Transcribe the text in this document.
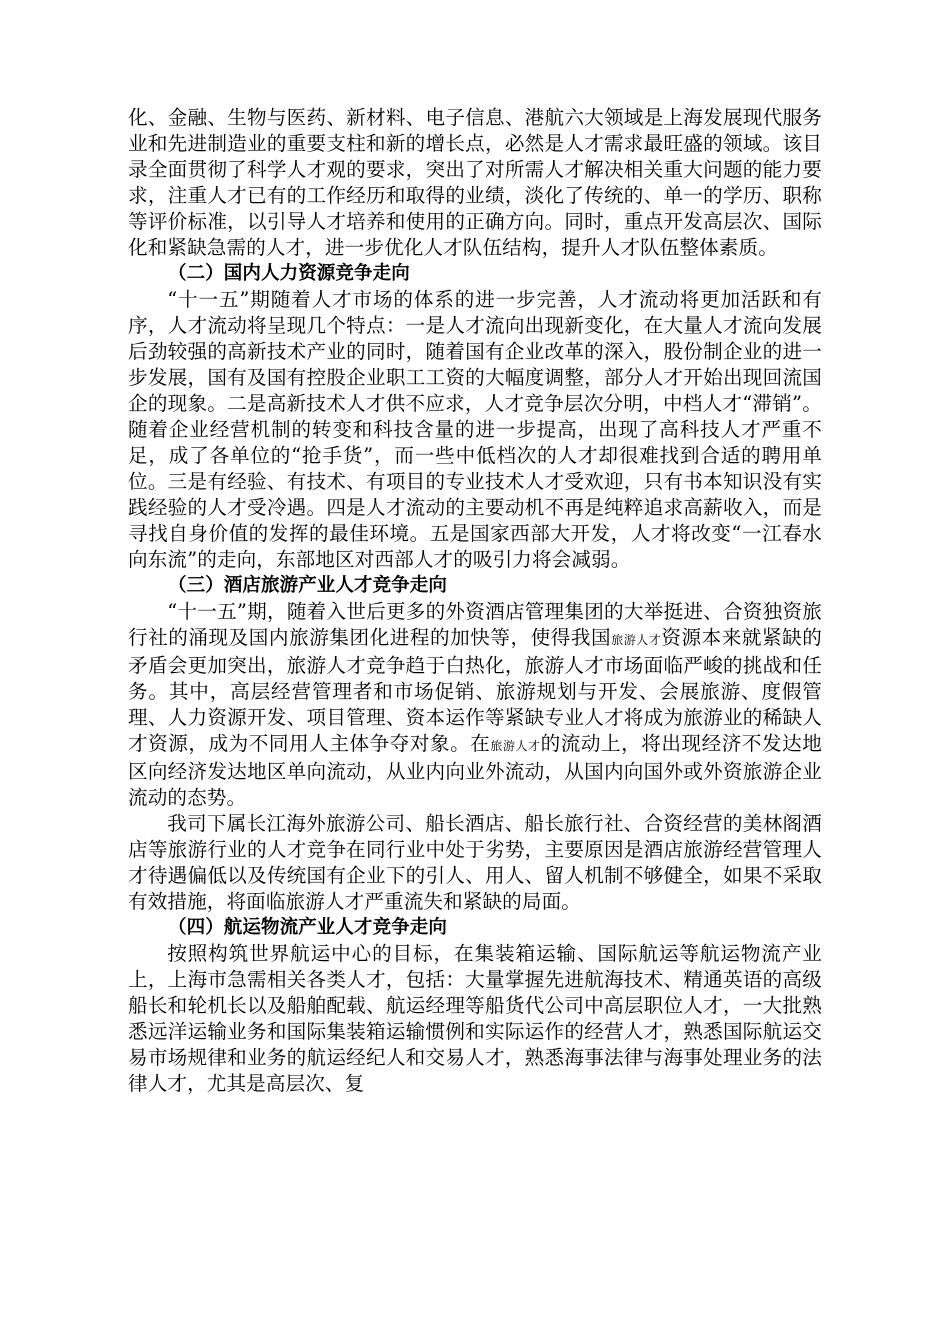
化、金融、生物与医药、新材料、电子信息、港航六大领域是上海发展现代服务业和先进制造业的重要支柱和新的增长点，必然是人才需求最旺盛的领域。该目录全面贯彻了科学人才观的要求，突出了对所需人才解决相关重大问题的能力要求，注重人才已有的工作经历和取得的业绩，淡化了传统的、单一的学历、职称等评价标准，以引导人才培养和使用的正确方向。同时，重点开发高层次、国际化和紧缺急需的人才，进一步优化人才队伍结构，提升人才队伍整体素质。

（二）国内人力资源竞争走向

“十一五”期随着人才市场的体系的进一步完善，人才流动将更加活跃和有序，人才流动将呈现几个特点：一是人才流向出现新变化，在大量人才流向发展后劲较强的高新技术产业的同时，随着国有企业改革的深入，股份制企业的进一步发展，国有及国有控股企业职工工资的大幅度调整，部分人才开始出现回流国企的现象。二是高新技术人才供不应求，人才竞争层次分明，中档人才“滞销”。随着企业经营机制的转变和科技含量的进一步提高，出现了高科技人才严重不足，成了各单位的“抢手货”，而一些中低档次的人才却很难找到合适的聘用单位。三是有经验、有技术、有项目的专业技术人才受欢迎，只有书本知识没有实践经验的人才受冷遇。四是人才流动的主要动机不再是纯粹追求高薪收入，而是寻找自身价值的发挥的最佳环境。五是国家西部大开发，人才将改变“一江春水向东流”的走向，东部地区对西部人才的吸引力将会减弱。

（三）酒店旅游产业人才竞争走向

“十一五”期，随着入世后更多的外资酒店管理集团的大举挺进、合资独资旅行社的涌现及国内旅游集团化进程的加快等，使得我国旅游人才资源本来就紧缺的矛盾会更加突出，旅游人才竞争趋于白热化，旅游人才市场面临严峻的挑战和任务。其中，高层经营管理者和市场促销、旅游规划与开发、会展旅游、度假管理、人力资源开发、项目管理、资本运作等紧缺专业人才将成为旅游业的稀缺人才资源，成为不同用人主体争夺对象。在旅游人才的流动上，将出现经济不发达地区向经济发达地区单向流动，从业内向业外流动，从国内向国外或外资旅游企业流动的态势。

我司下属长江海外旅游公司、船长酒店、船长旅行社、合资经营的美林阁酒店等旅游行业的人才竞争在同行业中处于劣势，主要原因是酒店旅游经营管理人才待遇偏低以及传统国有企业下的引人、用人、留人机制不够健全，如果不采取有效措施，将面临旅游人才严重流失和紧缺的局面。

（四）航运物流产业人才竞争走向

按照构筑世界航运中心的目标，在集装箱运输、国际航运等航运物流产业上，上海市急需相关各类人才，包括：大量掌握先进航海技术、精通英语的高级船长和轮机长以及船舶配载、航运经理等船货代公司中高层职位人才，一大批熟悉远洋运输业务和国际集装箱运输惯例和实际运作的经营人才，熟悉国际航运交易市场规律和业务的航运经纪人和交易人才，熟悉海事法律与海事处理业务的法律人才，尤其是高层次、复
